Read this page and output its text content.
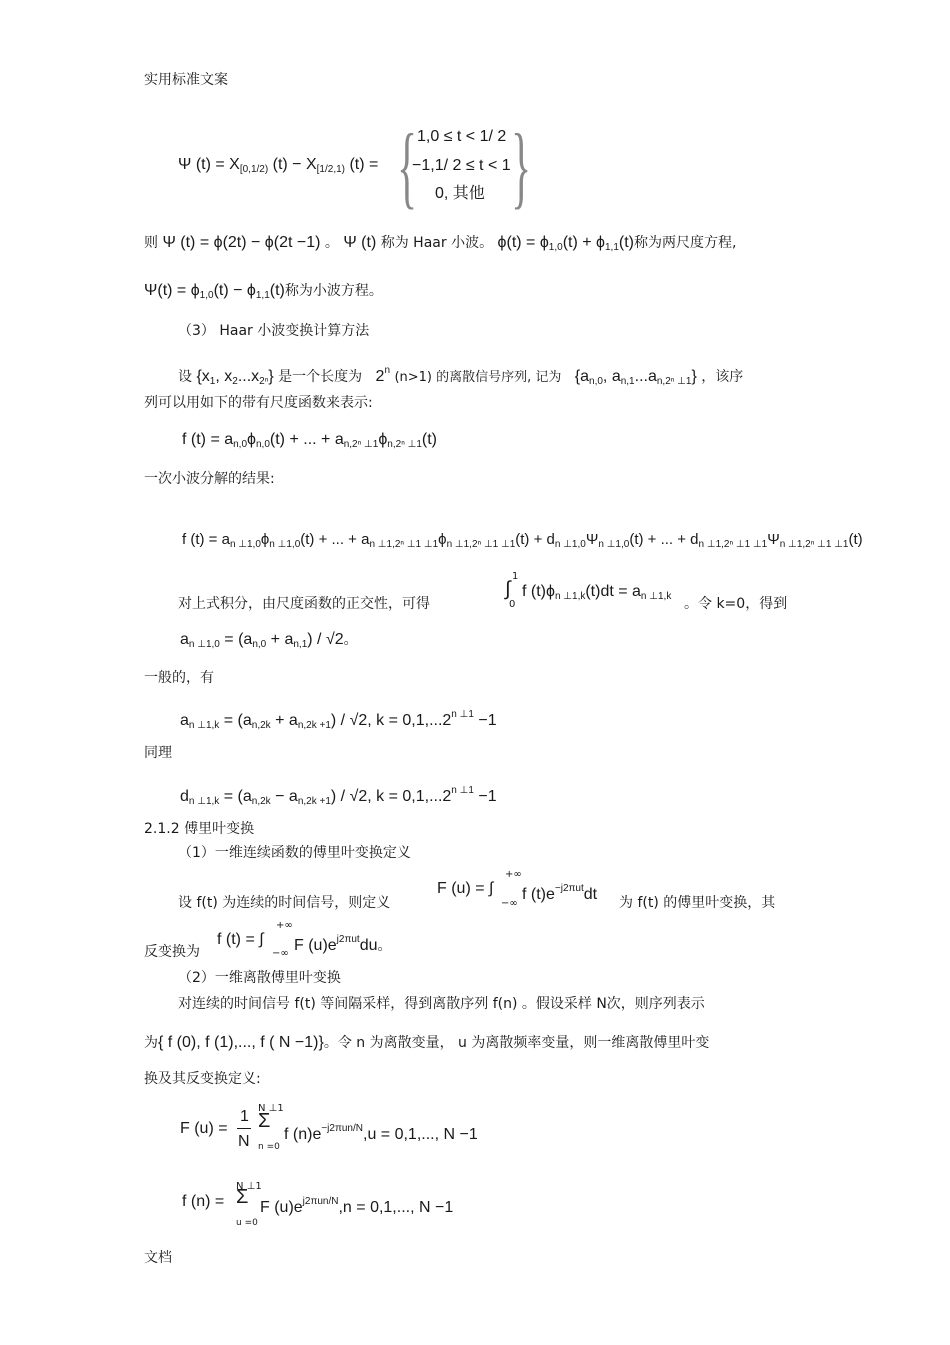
实用标准文案
Ψ $(t) = X_{[0,1/2)}$ $(t) - X_{[1/2,1)}$ (t) = { 1,0 ≤ t < 1/ 2
−1,1/ 2 ≤ t < 1
0, 其他 }
则 Ψ (t) = ϕ(2t) − ϕ(2t −1) 。 Ψ (t) 称为 Haar 小波。 $\phi(t) = \phi_{1,0}(t) + \phi_{1,1}(t)$称为两尺度方程,
$\Psi(t) = \phi_{1,0}(t) - \phi_{1,1}(t)$称为小波方程。
（3） Haar 小波变换计算方法
设 {$x_1$, $x_2...x_{2^n}$} 是一个长度为 2$^n$ (n>1) 的离散信号序列, 记为 {$a_{n,0}$, $a_{n,1}...a_{n,2^n \perp 1}$} ，该序
列可以用如下的带有尺度函数来表示:
f $(t) = a_{n,0}\phi_{n,0}(t)$ + ... + $a_{n,2^n \perp 1}\phi_{n,2^n \perp 1}(t)$
一次小波分解的结果:
f $(t) = a_{n \perp 1,0}\phi_{n \perp 1,0}(t)$ + ... + $a_{n \perp 1,2^n \perp 1 \perp 1}\phi_{n \perp 1,2^n \perp 1 \perp 1}(t) + d_{n \perp 1,0}\Psi_{n \perp 1,0}(t)$ + ... + $d_{n \perp 1,2^n \perp 1 \perp 1}\Psi_{n \perp 1,2^n \perp 1 \perp 1}(t)$
对上式积分，由尺度函数的正交性，可得
1
∫
0
f $(t)\phi_{n \perp 1,k}(t)dt = a_{n \perp 1,k}$ 。令 k=0，得到
$a_{n \perp 1,0} = (a_{n,0} + a_{n,1}) / √2$。
一般的，有
$a_{n \perp 1,k} = (a_{n,2k} + a_{n,2k +1}) / √2$, $k = 0,1,...2^{n \perp 1} -1$
同理
$d_{n \perp 1,k} = (a_{n,2k} - a_{n,2k +1}) / √2$, $k = 0,1,...2^{n \perp 1} -1$
2.1.2 傅里叶变换
（1）一维连续函数的傅里叶变换定义
设 f(t) 为连续的时间信号，则定义
F (u) = ∫
+∞
−∞
f $(t)e^{-j2\pi ut}dt$ 为 f(t) 的傅里叶变换，其
反变换为
f (t) = ∫
+∞
−∞ F $(u)e^{j2\pi ut}du$。
（2）一维离散傅里叶变换
对连续的时间信号 f(t) 等间隔采样，得到离散序列 f(n) 。假设采样 N次，则序列表示
为{ f (0), f (1),..., f ( N −1)}。令 n 为离散变量， u 为离散频率变量，则一维离散傅里叶变
换及其反变换定义:
F (u) =
1
N
N ⊥1
Σ
n =0
f $(n)e^{-j2\pi un/N},u = 0,1$,..., N −1
f (n) =
N ⊥1
Σ
u =0
F $(u)e^{j2\pi un/N},n = 0,1$,..., N −1
文档
